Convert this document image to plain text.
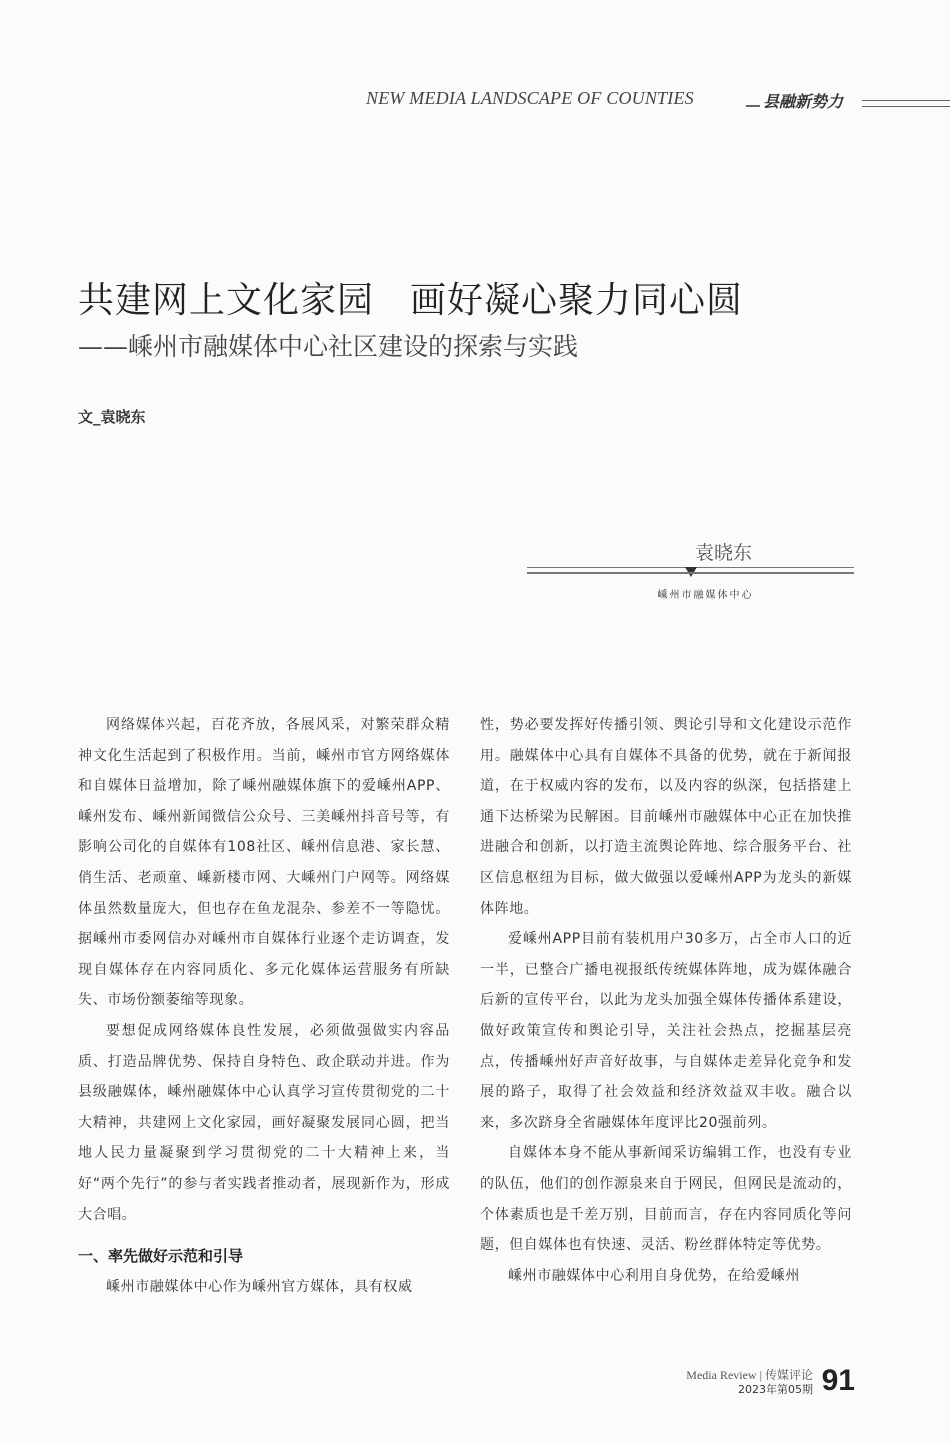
NEW MEDIA LANDSCAPE OF COUNTIES	县融新势力
共建网上文化家园 画好凝心聚力同心圆
——嵊州市融媒体中心社区建设的探索与实践
文_袁晓东
袁晓东
嵊州市融媒体中心

网络媒体兴起，百花齐放，各展风采，对繁荣群众精神文化生活起到了积极作用。当前，嵊州市官方网络媒体和自媒体日益增加，除了嵊州融媒体旗下的爱嵊州APP、嵊州发布、嵊州新闻微信公众号、三美嵊州抖音号等，有影响公司化的自媒体有108社区、嵊州信息港、家长慧、俏生活、老顽童、嵊新楼市网、大嵊州门户网等。网络媒体虽然数量庞大，但也存在鱼龙混杂、参差不一等隐忧。据嵊州市委网信办对嵊州市自媒体行业逐个走访调查，发现自媒体存在内容同质化、多元化媒体运营服务有所缺失、市场份额萎缩等现象。

要想促成网络媒体良性发展，必须做强做实内容品质、打造品牌优势、保持自身特色、政企联动并进。作为县级融媒体，嵊州融媒体中心认真学习宣传贯彻党的二十大精神，共建网上文化家园，画好凝聚发展同心圆，把当地人民力量凝聚到学习贯彻党的二十大精神上来，当好“两个先行”的参与者实践者推动者，展现新作为，形成大合唱。

一、率先做好示范和引导

嵊州市融媒体中心作为嵊州官方媒体，具有权威

性，势必要发挥好传播引领、舆论引导和文化建设示范作用。融媒体中心具有自媒体不具备的优势，就在于新闻报道，在于权威内容的发布，以及内容的纵深，包括搭建上通下达桥梁为民解困。目前嵊州市融媒体中心正在加快推进融合和创新，以打造主流舆论阵地、综合服务平台、社区信息枢纽为目标，做大做强以爱嵊州APP为龙头的新媒体阵地。

爱嵊州APP目前有装机用户30多万，占全市人口的近一半，已整合广播电视报纸传统媒体阵地，成为媒体融合后新的宣传平台，以此为龙头加强全媒体传播体系建设，做好政策宣传和舆论引导，关注社会热点，挖掘基层亮点，传播嵊州好声音好故事，与自媒体走差异化竞争和发展的路子，取得了社会效益和经济效益双丰收。融合以来，多次跻身全省融媒体年度评比20强前列。

自媒体本身不能从事新闻采访编辑工作，也没有专业的队伍，他们的创作源泉来自于网民，但网民是流动的，个体素质也是千差万别，目前而言，存在内容同质化等问题，但自媒体也有快速、灵活、粉丝群体特定等优势。

嵊州市融媒体中心利用自身优势，在给爱嵊州

Media Review | 传媒评论
2023年第05期 91
